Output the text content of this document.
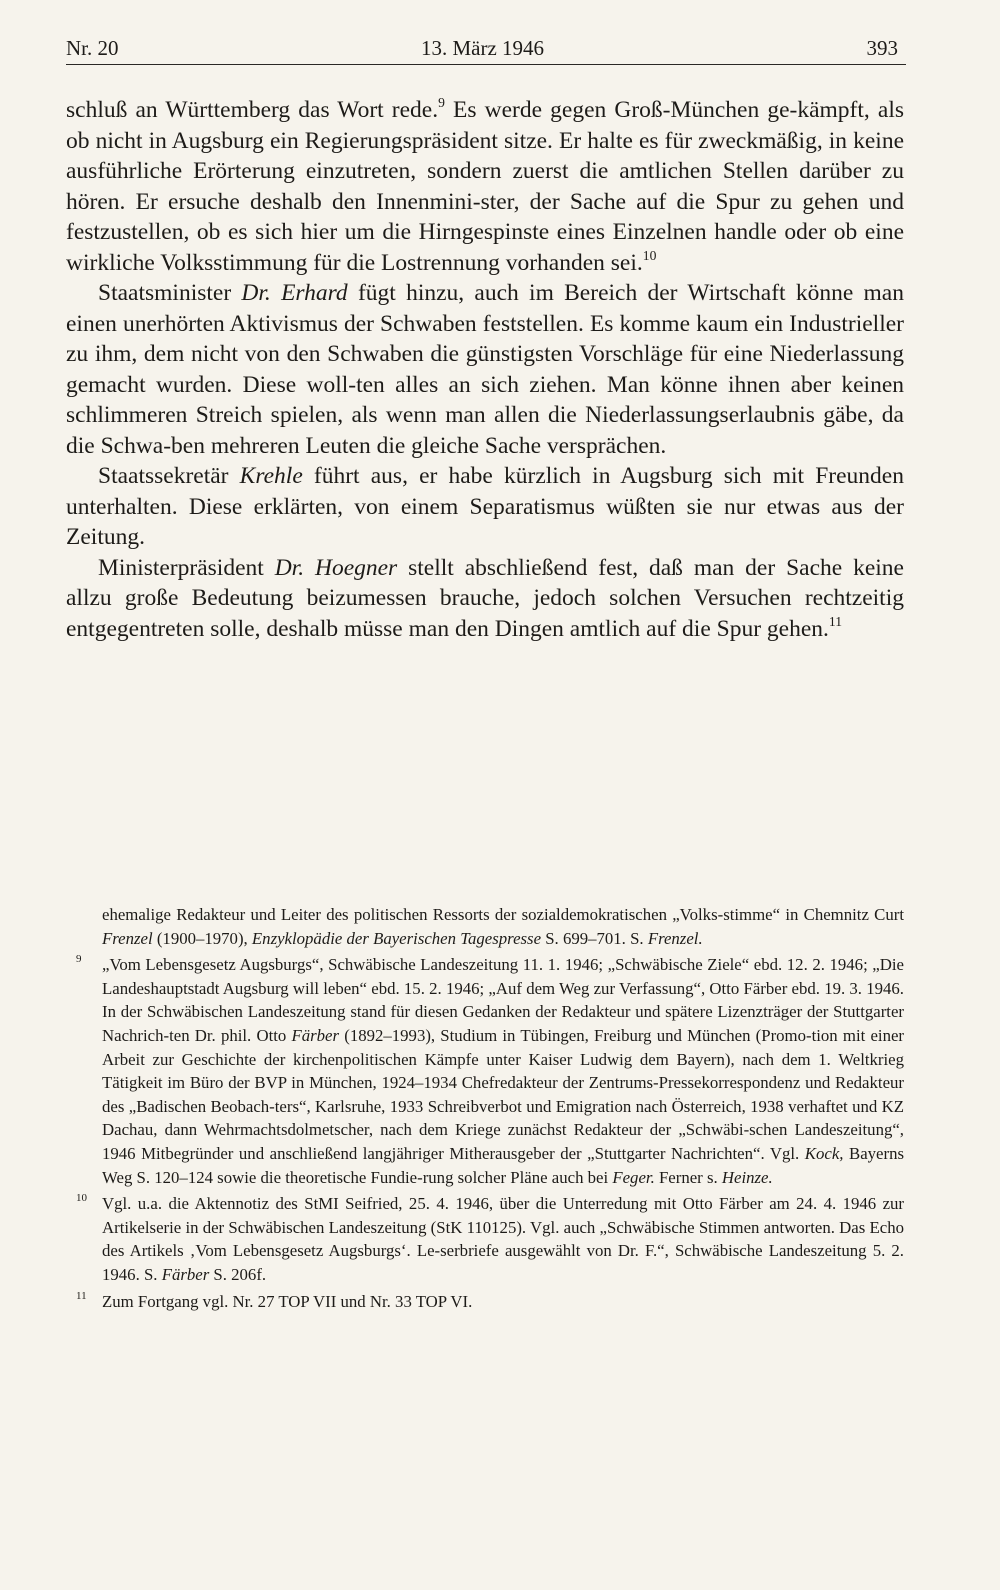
Nr. 20	13. März 1946	393

schluß an Württemberg das Wort rede.$^9$ Es werde gegen Groß-München ge-kämpft, als ob nicht in Augsburg ein Regierungspräsident sitze. Er halte es für zweckmäßig, in keine ausführliche Erörterung einzutreten, sondern zuerst die amtlichen Stellen darüber zu hören. Er ersuche deshalb den Innenmini-ster, der Sache auf die Spur zu gehen und festzustellen, ob es sich hier um die Hirngespinste eines Einzelnen handle oder ob eine wirkliche Volksstimmung für die Lostrennung vorhanden sei.$^{10}$

Staatsminister Dr. Erhard fügt hinzu, auch im Bereich der Wirtschaft könne man einen unerhörten Aktivismus der Schwaben feststellen. Es komme kaum ein Industrieller zu ihm, dem nicht von den Schwaben die günstigsten Vorschläge für eine Niederlassung gemacht wurden. Diese woll-ten alles an sich ziehen. Man könne ihnen aber keinen schlimmeren Streich spielen, als wenn man allen die Niederlassungserlaubnis gäbe, da die Schwa-ben mehreren Leuten die gleiche Sache versprächen.

Staatssekretär Krehle führt aus, er habe kürzlich in Augsburg sich mit Freunden unterhalten. Diese erklärten, von einem Separatismus wüßten sie nur etwas aus der Zeitung.

Ministerpräsident Dr. Hoegner stellt abschließend fest, daß man der Sache keine allzu große Bedeutung beizumessen brauche, jedoch solchen Versuchen rechtzeitig entgegentreten solle, deshalb müsse man den Dingen amtlich auf die Spur gehen.$^{11}$

ehemalige Redakteur und Leiter des politischen Ressorts der sozialdemokratischen „Volks-stimme“ in Chemnitz Curt Frenzel (1900–1970), Enzyklopädie der Bayerischen Tagespresse S. 699–701. S. Frenzel.
9 „Vom Lebensgesetz Augsburgs“, Schwäbische Landeszeitung 11. 1. 1946; „Schwäbische Ziele“ ebd. 12. 2. 1946; „Die Landeshauptstadt Augsburg will leben“ ebd. 15. 2. 1946; „Auf dem Weg zur Verfassung“, Otto Färber ebd. 19. 3. 1946. In der Schwäbischen Landeszeitung stand für diesen Gedanken der Redakteur und spätere Lizenzträger der Stuttgarter Nachrich-ten Dr. phil. Otto Färber (1892–1993), Studium in Tübingen, Freiburg und München (Promo-tion mit einer Arbeit zur Geschichte der kirchenpolitischen Kämpfe unter Kaiser Ludwig dem Bayern), nach dem 1. Weltkrieg Tätigkeit im Büro der BVP in München, 1924–1934 Chefredakteur der Zentrums-Pressekorrespondenz und Redakteur des „Badischen Beobach-ters“, Karlsruhe, 1933 Schreibverbot und Emigration nach Österreich, 1938 verhaftet und KZ Dachau, dann Wehrmachtsdolmetscher, nach dem Kriege zunächst Redakteur der „Schwäbi-schen Landeszeitung“, 1946 Mitbegründer und anschließend langjähriger Mitherausgeber der „Stuttgarter Nachrichten“. Vgl. Kock, Bayerns Weg S. 120–124 sowie die theoretische Fundie-rung solcher Pläne auch bei Feger. Ferner s. Heinze.
10 Vgl. u.a. die Aktennotiz des StMI Seifried, 25. 4. 1946, über die Unterredung mit Otto Färber am 24. 4. 1946 zur Artikelserie in der Schwäbischen Landeszeitung (StK 110125). Vgl. auch „Schwäbische Stimmen antworten. Das Echo des Artikels ‚Vom Lebensgesetz Augsburgs‘. Le-serbriefe ausgewählt von Dr. F.“, Schwäbische Landeszeitung 5. 2. 1946. S. Färber S. 206f.
11 Zum Fortgang vgl. Nr. 27 TOP VII und Nr. 33 TOP VI.
